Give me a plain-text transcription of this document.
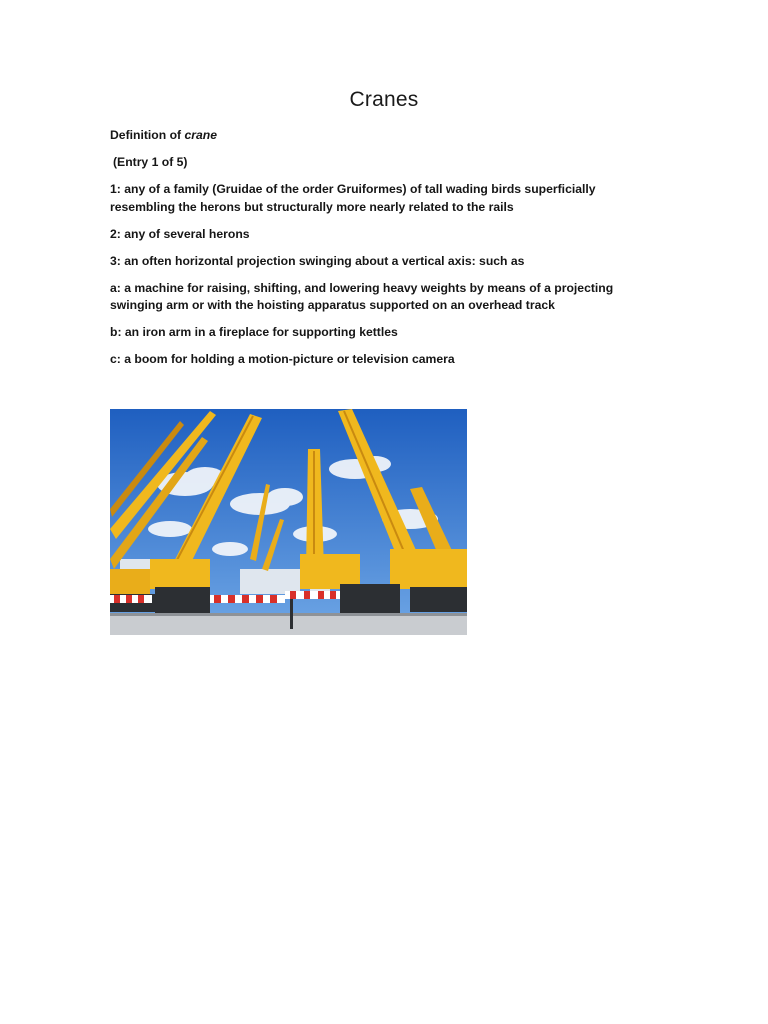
Cranes

Definition of crane

(Entry 1 of 5)

1: any of a family (Gruidae of the order Gruiformes) of tall wading birds superficially resembling the herons but structurally more nearly related to the rails

2: any of several herons

3: an often horizontal projection swinging about a vertical axis: such as

a: a machine for raising, shifting, and lowering heavy weights by means of a projecting swinging arm or with the hoisting apparatus supported on an overhead track

b: an iron arm in a fireplace for supporting kettles

c: a boom for holding a motion-picture or television camera
